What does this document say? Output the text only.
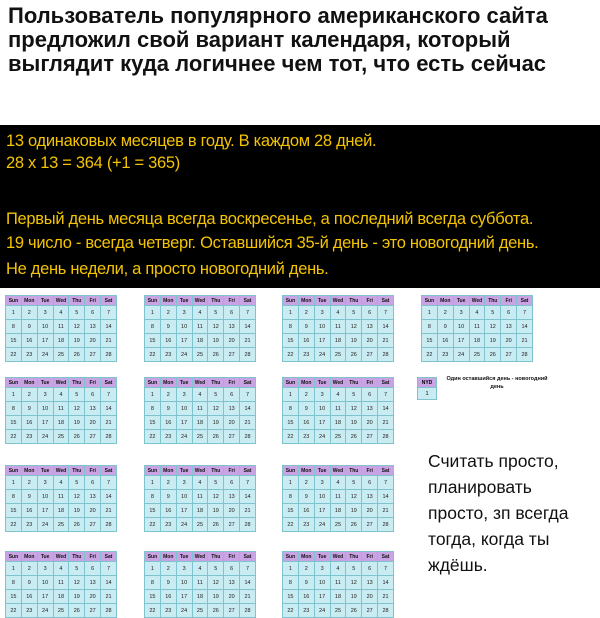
Пользователь популярного американского сайта предложил свой вариант календаря, который выглядит куда логичнее чем тот, что есть сейчас
13 одинаковых месяцев в году. В каждом 28 дней.
28 х 13 = 364 (+1 = 365)
Первый день месяца всегда воскресенье, а последний всегда суббота.
19 число - всегда четверг. Оставшийся 35-й день - это новогодний день.
Не день недели, а просто новогодний день.
Sun	Mon	Tue	Wed	Thu	Fri	Sat
1	2	3	4	5	6	7
8	9	10	11	12	13	14
15	16	17	18	19	20	21
22	23	24	25	26	27	28
Sun	Mon	Tue	Wed	Thu	Fri	Sat
1	2	3	4	5	6	7
8	9	10	11	12	13	14
15	16	17	18	19	20	21
22	23	24	25	26	27	28
Sun	Mon	Tue	Wed	Thu	Fri	Sat
1	2	3	4	5	6	7
8	9	10	11	12	13	14
15	16	17	18	19	20	21
22	23	24	25	26	27	28
Sun	Mon	Tue	Wed	Thu	Fri	Sat
1	2	3	4	5	6	7
8	9	10	11	12	13	14
15	16	17	18	19	20	21
22	23	24	25	26	27	28
Sun	Mon	Tue	Wed	Thu	Fri	Sat
1	2	3	4	5	6	7
8	9	10	11	12	13	14
15	16	17	18	19	20	21
22	23	24	25	26	27	28
Sun	Mon	Tue	Wed	Thu	Fri	Sat
1	2	3	4	5	6	7
8	9	10	11	12	13	14
15	16	17	18	19	20	21
22	23	24	25	26	27	28
Sun	Mon	Tue	Wed	Thu	Fri	Sat
1	2	3	4	5	6	7
8	9	10	11	12	13	14
15	16	17	18	19	20	21
22	23	24	25	26	27	28
Sun	Mon	Tue	Wed	Thu	Fri	Sat
1	2	3	4	5	6	7
8	9	10	11	12	13	14
15	16	17	18	19	20	21
22	23	24	25	26	27	28
Sun	Mon	Tue	Wed	Thu	Fri	Sat
1	2	3	4	5	6	7
8	9	10	11	12	13	14
15	16	17	18	19	20	21
22	23	24	25	26	27	28
Sun	Mon	Tue	Wed	Thu	Fri	Sat
1	2	3	4	5	6	7
8	9	10	11	12	13	14
15	16	17	18	19	20	21
22	23	24	25	26	27	28
Sun	Mon	Tue	Wed	Thu	Fri	Sat
1	2	3	4	5	6	7
8	9	10	11	12	13	14
15	16	17	18	19	20	21
22	23	24	25	26	27	28
Sun	Mon	Tue	Wed	Thu	Fri	Sat
1	2	3	4	5	6	7
8	9	10	11	12	13	14
15	16	17	18	19	20	21
22	23	24	25	26	27	28
Sun	Mon	Tue	Wed	Thu	Fri	Sat
1	2	3	4	5	6	7
8	9	10	11	12	13	14
15	16	17	18	19	20	21
22	23	24	25	26	27	28
NYD
1
Один оставшийся день - новогодний день
Считать просто, планировать просто, зп всегда тогда, когда ты ждёшь.
